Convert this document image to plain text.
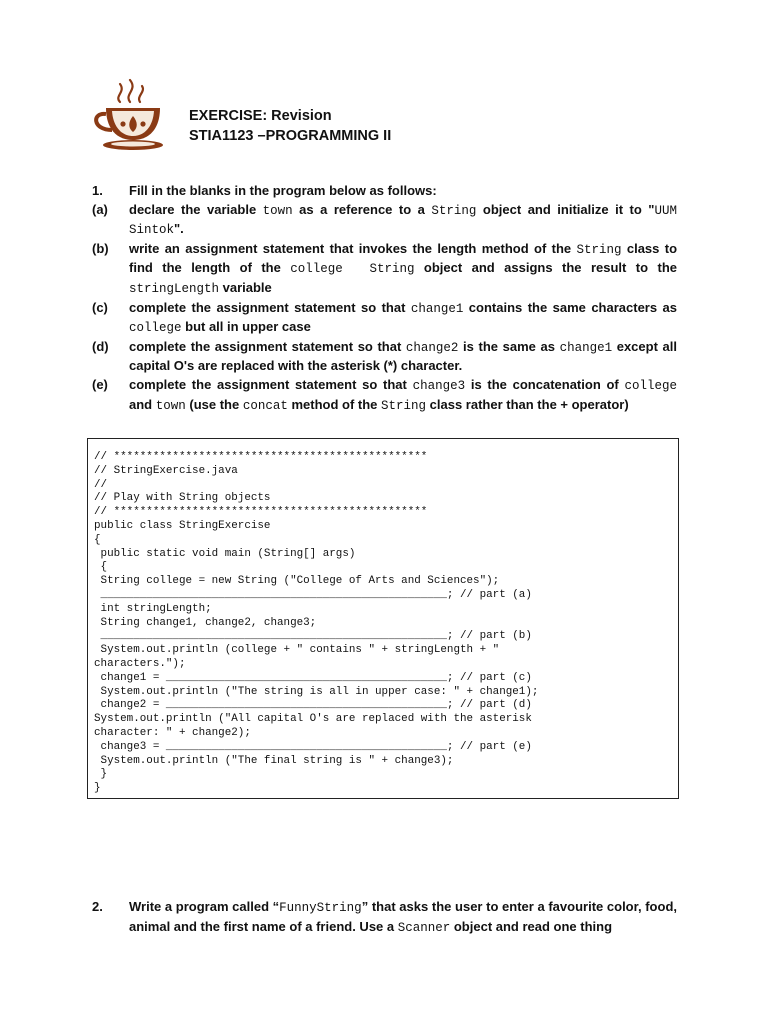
EXERCISE: Revision
STIA1123 –PROGRAMMING II
1.	Fill in the blanks in the program below as follows:
(a)	declare the variable town as a reference to a String object and initialize it to "UUM Sintok".
(b)	write an assignment statement that invokes the length method of the String class to find the length of the college  String object and assigns the result to the stringLength variable
(c)	complete the assignment statement so that change1 contains the same characters as college but all in upper case
(d)	complete the assignment statement so that change2 is the same as change1 except all capital O's are replaced with the asterisk (*) character.
(e)	complete the assignment statement so that change3 is the concatenation of college and town (use the concat method of the String class rather than the + operator)
// ************************************************
// StringExercise.java
//
// Play with String objects
// ************************************************
public class StringExercise
{
public static void main (String[] args)
{
String college = new String ("College of Arts and Sciences");
_____________________________________________________; // part (a)
int stringLength;
String change1, change2, change3;
_____________________________________________________; // part (b)
System.out.println (college + " contains " + stringLength + "
characters.");
change1 = ___________________________________________; // part (c)
System.out.println ("The string is all in upper case: " + change1);
change2 = ___________________________________________; // part (d)
System.out.println ("All capital O's are replaced with the asterisk
character: " + change2);
change3 = ___________________________________________; // part (e)
System.out.println ("The final string is " + change3);
}
}
2.	Write a program called “FunnyString” that asks the user to enter a favourite color, food, animal and the first name of a friend. Use a Scanner object and read one thing
